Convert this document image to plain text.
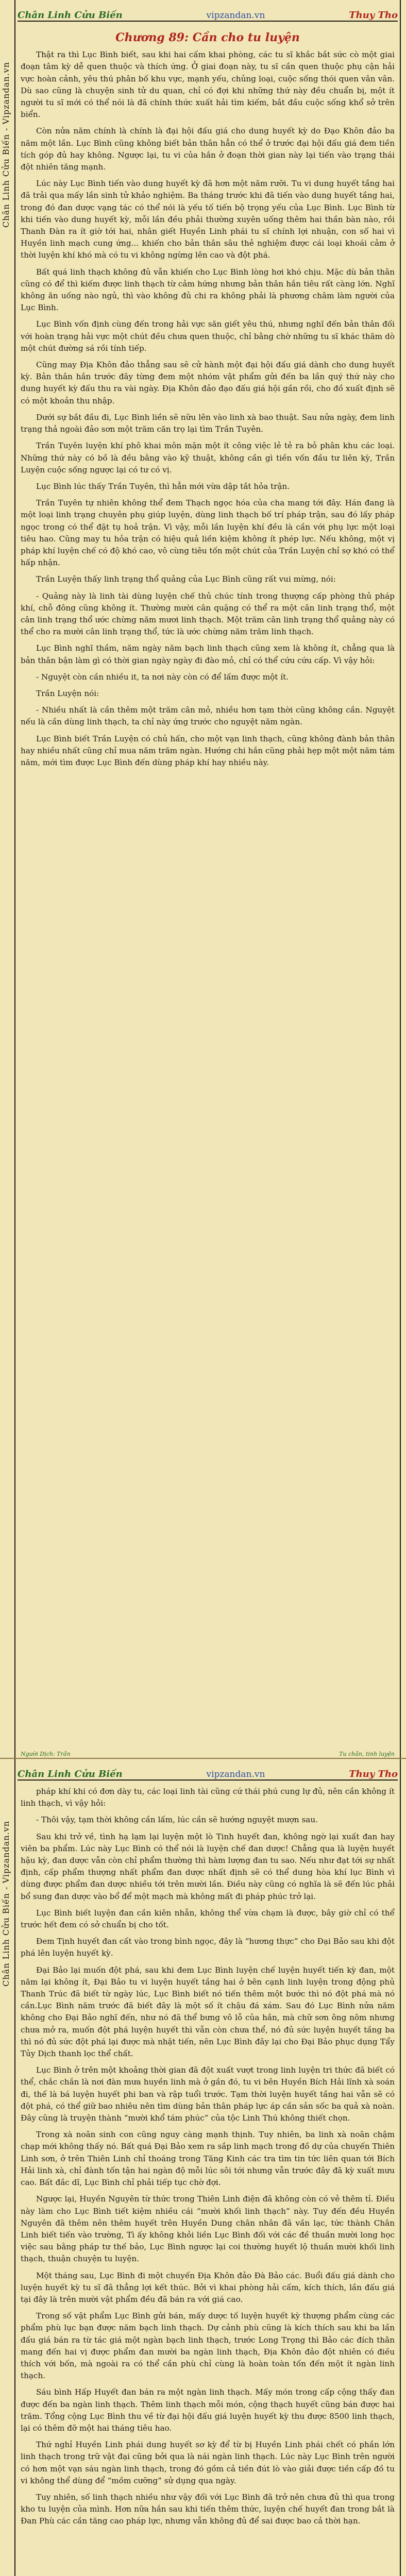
Chân Linh Cửu Biến - Vipzandan.vn
Chân Linh Cửu Biến	vipzandan.vn	Thuy Tho
Chương 89: Cần cho tu luyện

Thật ra thì Lục Bình biết, sau khi hai cấm khai phòng, các tu sĩ khắc bắt sức cò một giai đoạn tâm kỳ dễ quen thuộc và thích ứng. Ở giai đoạn này, tu sĩ cần quen thuộc phụ cận hải vực hoàn cảnh, yêu thú phân bố khu vực, mạnh yếu, chủng loại, cuộc sống thói quen vân vân. Dù sao cũng là chuyện sinh tử du quan, chỉ có đợi khi những thứ này đều chuẩn bị, một ít người tu sĩ mới có thể nói là đã chính thức xuất hải tìm kiếm, bắt đầu cuộc sống khổ sở trên biển.

Còn nửa năm chính là chính là đại hội đấu giá cho dung huyết kỳ do Đạo Khôn đảo ba năm một lần. Lục Bình cũng không biết bản thân hẳn có thể ở trước đại hội đấu giá đem tiền tích góp đủ hay không. Ngược lại, tu vi của hắn ở đoạn thời gian này lại tiến vào trạng thái đột nhiên tăng mạnh.

Lúc này Lục Bình tiến vào dung huyết kỳ đã hơn một năm rưỡi. Tu vi dung huyết tầng hai đã trải qua mấy lần sinh tử khảo nghiệm. Ba tháng trước khi đã tiến vào dung huyết tầng hai, trong đó đan dược vạng tác có thể nói là yếu tố tiến bộ trọng yếu của Lục Bình. Lục Bình từ khi tiến vào dung huyết kỳ, mỗi lần đều phải thường xuyên uống thêm hai thần bàn nào, rồi Thanh Đàn ra ít giờ tới hai, nhân giết Huyền Linh phái tu sĩ chính lợi nhuận, con số hai vì Huyền linh mạch cung ứng... khiến cho bản thân sâu thẻ nghiệm được cái loại khoái cảm ở thời luyện khí khó mà có tu vi không ngừng lên cao và đột phá.

Bất quá linh thạch không đủ vẫn khiến cho Lục Bình lòng hơi khó chịu. Mặc dù bản thân cũng có để thì kiếm được linh thạch từ cảm hứng nhưng bản thân hắn tiêu rất càng lớn. Nghĩ không ăn uống nào ngủ, thì vào không đủ chi ra không phải là phương châm làm người của Lục Bình.

Lục Bình vốn định cùng đến trong hải vực săn giết yêu thú, nhưng nghĩ đến bản thân đối với hoàn trạng hải vực một chút đều chưa quen thuộc, chỉ bằng chờ những tu sĩ khác thăm dò một chút đường sá rồi tính tiếp.

Cũng may Địa Khôn đảo thẳng sau sẽ cử hành một đại hội đấu giá dành cho dung huyết kỳ. Bản thân hắn trước đây từng đem một nhóm vật phẩm gửi đến ba lần quý thứ này cho dung huyết kỳ đấu thu ra vài ngày. Địa Khôn đảo đạo đấu giá hội gần rồi, cho đồ xuất định sẽ có một khoản thu nhập.

Dưới sự bắt đầu đi, Lục Bình liền sẽ nữu lên vào linh xà bao thuật. Sau nửa ngày, đem linh trạng thả ngoài đảo sơn một trăm căn trọ lại tìm Trần Tuyên.

Trần Tuyên luyện khí phô khai môn mặn một ít công việc lẻ tẻ ra bỏ phân khu các loại. Những thứ này có bồ là đều bằng vào kỹ thuật, không cần gì tiền vốn đầu tư liên kỳ, Trần Luyện cuộc sống ngược lại có tư có vị.

Lục Bình lúc thấy Trần Tuyên, thì hẳn mới vừa dập tắt hỏa trận.

Trần Tuyên tự nhiên không thể đem Thạch ngọc hóa của cha mang tới đây. Hán đang là một loại linh trạng chuyên phụ giúp luyện, dùng linh thạch bố trí pháp trận, sau đó lấy pháp ngọc trong có thể đặt tụ hoả trận. Vì vậy, mỗi lần luyện khí đều là cần với phụ lực một loại tiêu hao. Cũng may tu hỏa trận có hiệu quả liền kiệm không ít phép lực. Nếu không, một vị pháp khí luyện chế có độ khó cao, vô cùng tiêu tốn một chút của Trần Luyện chỉ sợ khó có thể hấp nhận.

Trần Luyện thấy linh trạng thổ quảng của Lục Bình cũng rất vui mừng, nói:

- Quảng này là linh tài dùng luyện chế thủ chúc tính trong thượng cấp phòng thủ pháp khí, chỗ đông cũng không ít. Thường mười cân quặng có thể ra một cân linh trạng thổ, một cân linh trạng thổ ước chừng năm mươi linh thạch. Một trăm cân linh trạng thổ quảng này có thể cho ra mười cân linh trạng thổ, tức là ước chừng năm trăm linh thạch.

Lục Bình nghĩ thầm, năm ngày năm bạch linh thạch cũng xem là không ít, chẳng qua là bản thân bận làm gì có thời gian ngày ngày đi đào mỏ, chỉ có thể cứu cứu cấp. Vì vậy hỏi:

- Nguyệt còn cần nhiều it, ta nơi này còn có để lấm được một ít.

Trần Luyện nói:

- Nhiều nhất là cần thêm một trăm cân mỏ, nhiều hơn tạm thời cũng không cần. Nguyệt nếu là cần dùng linh thạch, ta chỉ này ứng trước cho nguyệt năm ngàn.

Lục Bình biết Trần Luyện có chủ hấn, cho một vạn linh thạch, cũng không đành bản thân hay nhiều nhất cũng chỉ mua năm trăm ngàn. Hướng chi hắn cũng phải hẹp một một năm tám năm, mới tìm được Lục Bình đến dùng pháp khí hay nhiều này.

Chân Linh Cửu Biến - Vipzandan.vn
Chân Linh Cửu Biến	vipzandan.vn	Thuy Tho

pháp khí khi có đơn dày tu, các loại linh tài cũng cứ thái phú cung lự đủ, nên cần không ít linh thạch, vì vậy hỏi:

- Thôi vậy, tạm thời không cần lấm, lúc cần sẽ hướng nguyệt mượn sau.

Sau khi trở về, tình hạ lạm lại luyện một lò Tinh huyết đan, không ngờ lại xuất đan hay viên ba phẩm. Lúc này Lục Bình có thể nói là luyện chế đan dược! Chẳng qua là luyện huyết hậu kỳ, đan dược vẫn còn chỉ phẩm thường thì hàm lượng đan tu sao. Nếu như đạt tới sự nhất định, cấp phẩm thượng nhất phẩm đan dược nhất định sẽ có thể dung hòa khí lục Bình vì dùng được phẩm đan dược nhiều tới trên mười lần. Điều này cũng có nghĩa là sẽ đến lúc phải bổ sung đan dược vào bổ để một mạch mà không mất đi pháp phúc trở lại.

Lục Bình biết luyện đan cần kiên nhẫn, không thể vừa chạm là được, bây giờ chỉ có thể trước hết đem có sở chuẩn bị cho tốt.

Đem Tịnh huyết đan cất vào trong bình ngọc, đây là “hương thực” cho Đại Bảo sau khi đột phá lên luyện huyết kỳ.

Đại Bảo lại muốn đột phá, sau khi đem Lục Bình luyện chế luyện huyết tiến kỳ đan, một năm lại không ít, Đại Bảo tu vi luyện huyết tầng hai ở bên cạnh linh luyện trong động phủ Thanh Trúc đã biết từ ngày lúc, Lục Bình biết nó tiến thêm một bước thì nó đột phá mà nó cần.Lục Bình năm trước đã biết đây là một số ít chậu đá xám. Sau đó Lục Bình nửa năm không cho Đại Bảo nghĩ đến, như nó đã thể bưng vô lỗ của hắn, mà chữ sơn ông nôm nhưng chưa mở ra, muốn đột phá luyện huyết thì vẫn còn chưa thể, nó đủ sức luyện huyết tầng ba thì nó đủ sức đột phá lại được mà nhật tiến, nên Lục Bình đây lại cho Đại Bảo phục dụng Tẩy Tủy Dịch thanh lọc thể chất.

Lục Bình ở trên một khoảng thời gian đã đột xuất vượt trong linh luyện tri thức đã biết có thể, chắc chắn là nơi đàn mưa huyền linh mà ở gần đó, tu vi bên Huyền Bích Hải lĩnh xà soán đi, thế là bá luyện huyết phi ban và rập tuổi trước. Tạm thời luyện huyết tầng hai vẫn sẽ có đột phá, có thể giữ bao nhiêu nên tìm dùng bản thân pháp lực áp cần sản sốc ba quả xà noàn. Đây cũng là truyện thành “mười khổ tám phúc” của tộc Linh Thú không thiết chọn.

Trong xà noãn sinh con cũng nguy càng mạnh thịnh. Tuy nhiên, ba linh xà noãn chậm chạp mới không thấy nó. Bất quá Đại Bảo xem ra sắp linh mạch trong đồ dự của chuyến Thiên Linh sơn, ở trên Thiên Linh chỉ thoáng trong Tăng Kinh các tra tìm tin tức liên quan tới Bích Hải linh xà, chỉ đành tốn tận hai ngàn độ mỗi lúc sôi tới nhưng vẫn trước đây đã kỳ xuất mưu cao. Bất đắc dĩ, Lục Bình chỉ phải tiếp tục chờ đợi.

Ngược lại, Huyền Nguyên từ thức trong Thiên Linh điện đã không còn có vẻ thêm tỉ. Điều này làm cho Lục Bình tiết kiệm nhiều cái “mười khối linh thạch” này. Tuy đến đều Huyền Nguyên đã thêm nên thêm huyết trên Huyền Dung chân nhân đã vần lạc, tức thành Chân Linh biết tiến vào trường, Tì ấy không khỏi liền Lục Bình đối với các đề thuần mười long học việc sau bằng pháp tư thế bảo, Lục Bình ngược lại coi thường huyết lộ thuần mười khối linh thạch, thuận chuyện tu luyện.

Một tháng sau, Lục Bình đi một chuyến Địa Khôn đảo Đà Bảo các. Buổi đấu giá dành cho luyện huyết kỳ tu sĩ đã thẳng lợi kết thúc. Bởi vì khai phòng hải cấm, kích thích, lần đấu giá tại đây là trên mười vật phẩm đều đã bán ra với giá cao.

Trong số vật phẩm Lục Bình gửi bán, mấy dược tố luyện huyết kỳ thượng phẩm cùng các phẩm phù lục bạn được năm bạch linh thạch. Dự cảnh phù cũng là kích thích sau khi ba lần đấu giá bán ra từ tác giá một ngàn bạch linh thạch, trước Long Trọng thì Bảo các đích thân mang đến hai vị được phẩm đan mười ba ngàn linh thạch, Địa Khôn đảo đột nhiên có điều thích với bốn, mà ngoài ra có thể cần phù chỉ cùng là hoàn toàn tốn đến một ít ngàn linh thạch.

Sáu bình Hấp Huyết đan bán ra một ngàn linh thạch. Mấy món trong cấp cộng thấy đan được đến ba ngàn linh thạch. Thêm linh thạch mỗi món, cộng thạch huyết cũng bán được hai trăm. Tổng cộng Lục Bình thu về từ đại hội đấu giá luyện huyết kỳ thu được 8500 linh thạch, lại có thêm đỡ một hai tháng tiêu hao.

Thứ nghỉ Huyền Linh phái dung huyết sơ kỳ để từ bị Huyền Linh phái chết có phần lớn linh thạch trong trữ vật đại cũng bởi qua là nái ngàn linh thạch. Lúc này Lục Bình trên người có hơn một vạn sáu ngàn linh thạch, trong đó gồm cả tiền đút lò vào giải được tiền cấp đồ tu vi không thể dùng để “mồm cưỡng” sử dụng qua ngày.

Tuy nhiên, số linh thạch nhiều như vậy đối với Lục Bình đã trở nên chưa đủ thì qua trong kho tu luyện của mình. Hơn nữa hắn sau khi tiến thêm thức, luyện chế huyết đan trong bắt là Đan Phù các cần tăng cao pháp lực, nhưng vẫn không đủ để sai được bao cả thời hạn.

Người Dịch: Trần	Tu chân, tinh luyện
